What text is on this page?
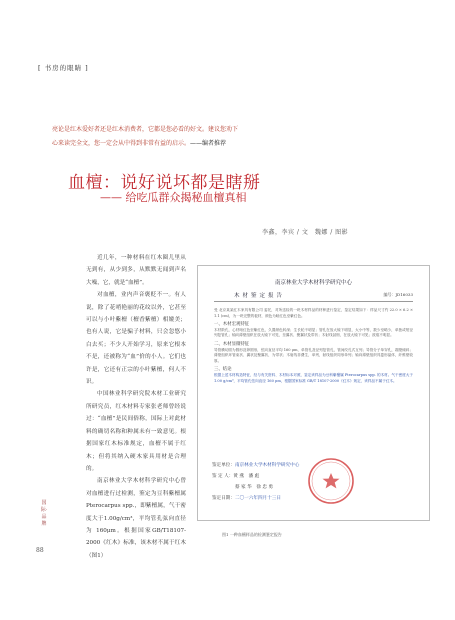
[ 书房的眼睛 ]
亮论是红木爱好者还是红木消费者，它都是您必看的好文。建议您劝下
心来读完全文，您一定会从中得到非常有益的启示。——编者推荐
血檀：说好说坏都是瞎掰
—— 给吃瓜群众揭秘血檀真相
李鑫，李宾 / 文　魏娜 / 图影

近几年，一种材料在红木圈儿里从无到有，从少到多，从默默无闻到声名大噪，它，就是“血檀”。

对血檀，业内声音褒贬不一。有人说，除了花哨艳丽的花纹以外，它甚至可以与小叶紫檀（檀香紫檀）相媲美；也有人说，它是骗子材料，只会忽悠小白去买；不少人开始学习，原来它根本不是，还被称为“血”价的小人。它们也许是，它还有正宗的小叶紫檀，何人不识。

中国林业科学研究院木材工业研究所研究员，红木材料专家张老师曾经说过：“血檀”是民间俗称，国际上对此材料的确切名称和种属未有一致意见。根据国家红木标准规定，血檀不属于红木；但将其纳入硬木家具用材是合理的。

南京林业大学木材科学研究中心曾对血檀进行过检测，鉴定为豆科紫檀属 Pterocarpus spp.，即紫檀属，气干密度大于1.00g/cm³，平均管孔弦向直径为 160μm。根据国家GB/T18107-2000《红木》标准，该木材不属于红木（图1）

国际·品牌
88
南京林业大学木材科学研究中心
木材鉴定报告	编号：JD16033

受 北京某某红木家具有限公司 委托，对所送检的一块木材样品的材种进行鉴定，鉴定结果如下：样品尺寸约 22.0 × 6.2 × 1.1 (cm)，为一块完整的板材，颜色为暗红色至紫红色。

一、木材宏观特征

木材散孔，心材暗红色至紫红色，久置颜色转深；生长轮不明显；管孔在放大镜下明显，大小中等，数少至略少，单独或短径列复管孔；轴向薄壁组织在放大镜下可见，呈翼状、聚翼状及带状；木射线甚细，在放大镜下可见；波痕不明显。

二、木材显微特征

导管横切面为圆形及卵圆形，弦向直径平均 160 μm，单管孔及径列复管孔，管间纹孔式互列；导管分子单穿孔，端壁倾斜；薄壁组织环管束状、翼状及聚翼状，为带状；木射线非叠生，单列，射线组织同形单列；轴向薄壁组织具菱形晶体，纤维壁较厚。

三、结论

根据上述木材构造特征，经与有关资料、木材标本对照，鉴定该样品为豆科紫檀属 Pterocarpus spp. 的木材。气干密度大于 1.00 g/cm³，平均管孔弦向直径 160 μm，根据国家标准 GB/T 18107-2000《红木》规定，该样品不属于红木。

鉴定单位：南京林业大学木材科学研究中心
鉴 定 人：黄 燕　潘 彪
蔡 家 华　徐 忠 勇
鉴定日期：二〇一六年四月十三日
图1 一种血檀样品的检测鉴定报告
